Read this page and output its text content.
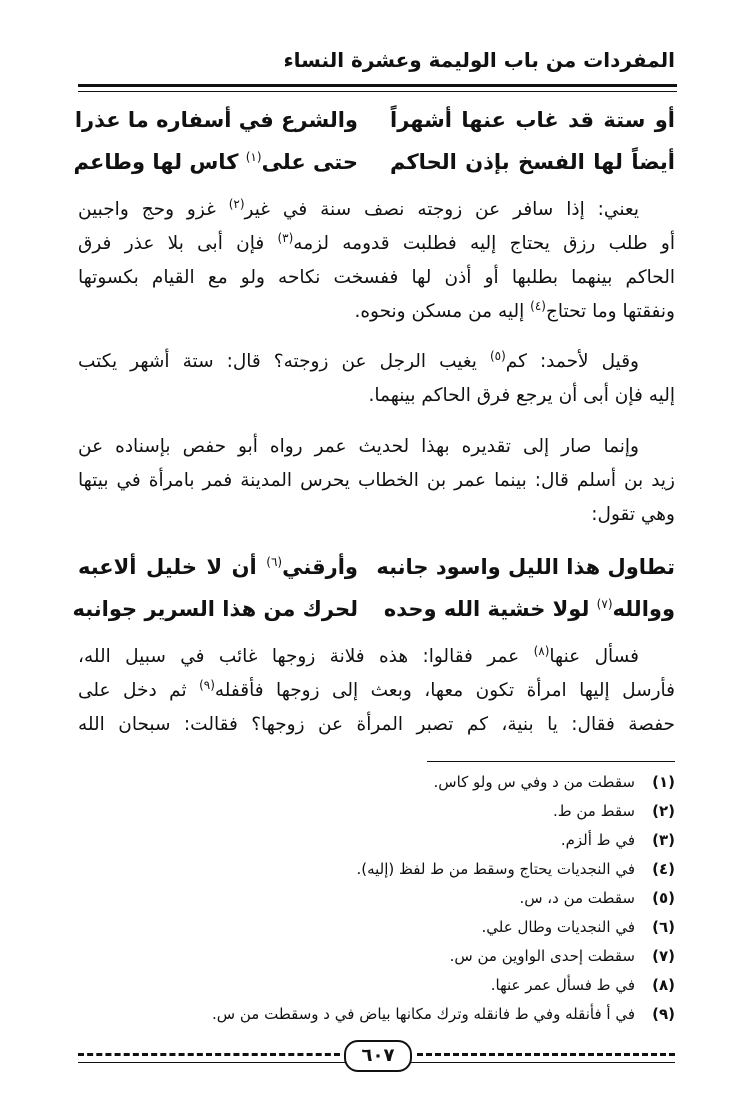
المفردات من باب الوليمة وعشرة النساء
أو ستة قد غاب عنها أشهراً
والشرع في أسفاره ما عذرا
أيضاً لها الفسخ بإذن الحاكم
حتى على$^{(١)}$ كاس لها وطاعم
يعني: إذا سافر عن زوجته نصف سنة في غير$^{(٢)}$ غزو وحج واجبين
أو طلب رزق يحتاج إليه فطلبت قدومه لزمه$^{(٣)}$ فإن أبى بلا عذر فرق
الحاكم بينهما بطلبها أو أذن لها ففسخت نكاحه ولو مع القيام بكسوتها
ونفقتها وما تحتاج$^{(٤)}$ إليه من مسكن ونحوه.
وقيل لأحمد: كم$^{(٥)}$ يغيب الرجل عن زوجته؟ قال: ستة أشهر يكتب
إليه فإن أبى أن يرجع فرق الحاكم بينهما.
وإنما صار إلى تقديره بهذا لحديث عمر رواه أبو حفص بإسناده عن
زيد بن أسلم قال: بينما عمر بن الخطاب يحرس المدينة فمر بامرأة في بيتها
وهي تقول:
تطاول هذا الليل واسود جانبه
وأرقني$^{(٦)}$ أن لا خليل ألاعبه
ووالله$^{(٧)}$ لولا خشية الله وحده
لحرك من هذا السرير جوانبه
فسأل عنها$^{(٨)}$ عمر فقالوا: هذه فلانة زوجها غائب في سبيل الله،
فأرسل إليها امرأة تكون معها، وبعث إلى زوجها فأقفله$^{(٩)}$ ثم دخل على
حفصة فقال: يا بنية، كم تصبر المرأة عن زوجها؟ فقالت: سبحان الله
(١)
سقطت من د وفي س ولو كاس.
(٢)
سقط من ط.
(٣)
في ط ألزم.
(٤)
في النجديات يحتاج وسقط من ط لفظ (إليه).
(٥)
سقطت من د، س.
(٦)
في النجديات وطال علي.
(٧)
سقطت إحدى الواوين من س.
(٨)
في ط فسأل عمر عنها.
(٩)
في أ فأنقله وفي ط فانقله وترك مكانها بياض في د وسقطت من س.
٦٠٧
